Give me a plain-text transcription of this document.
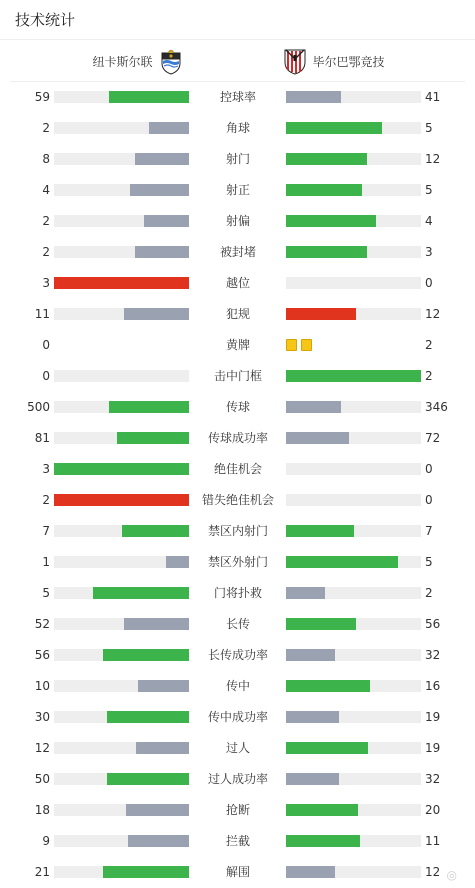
技术统计
纽卡斯尔联	毕尔巴鄂竞技
59	控球率	41
2	角球	5
8	射门	12
4	射正	5
2	射偏	4
2	被封堵	3
3	越位	0
11	犯规	12
0	黄牌	2
0	击中门框	2
500	传球	346
81	传球成功率	72
3	绝佳机会	0
2	错失绝佳机会	0
7	禁区内射门	7
1	禁区外射门	5
5	门将扑救	2
52	长传	56
56	长传成功率	32
10	传中	16
30	传中成功率	19
12	过人	19
50	过人成功率	32
18	抢断	20
9	拦截	11
21	解围	12 ◎
